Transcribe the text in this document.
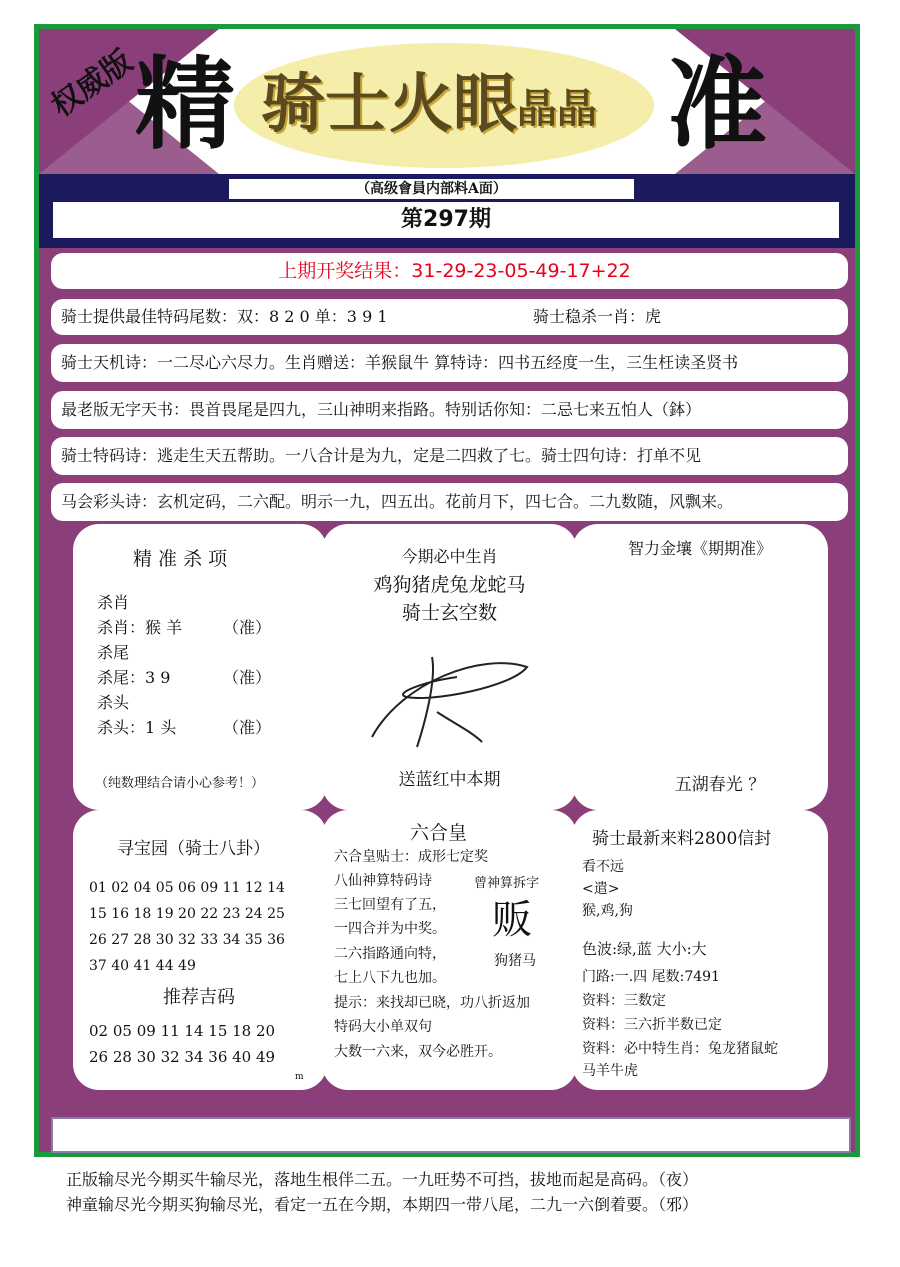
权威版
精 骑士火眼 晶晶 准
（高级會員内部料A面）
第297期
上期开奖结果：31-29-23-05-49-17+22
骑士提供最佳特码尾数：双：8 2 0 单：3 9 1	骑士稳杀一肖：虎
骑士天机诗：一二尽心六尽力。生肖赠送：羊猴鼠牛 算特诗：四书五经度一生，三生枉读圣贤书
最老版无字天书：畏首畏尾是四九，三山神明来指路。特别话你知：二忌七来五怕人（鉢）
骑士特码诗：逃走生天五帮助。一八合计是为九，定是二四救了七。骑士四句诗：打单不见
马会彩头诗：玄机定码，二六配。明示一九，四五出。花前月下，四七合。二九数随，风飘来。
精 准 杀 项
杀肖
杀肖：猴 羊	（准）
杀尾
杀尾：3 9	（准）
杀头
杀头：1 头	（准）
（纯数理结合请小心参考！）
今期必中生肖
鸡狗猪虎兔龙蛇马
骑士玄空数
送蓝红中本期
智力金壤《期期准》
五湖春光 ？
寻宝园（骑士八卦）
01 02 04 05 06 09 11 12 14
15 16 18 19 20 22 23 24 25
26 27 28 30 32 33 34 35 36
37 40 41 44 49
推荐吉码
02 05 09 11 14 15 18 20
26 28 30 32 34 36 40 49
m
六合皇
六合皇贴士：成形七定奖
八仙神算特码诗
三七回望有了五，
一四合并为中奖。
二六指路通向特，
七上八下九也加。
提示：来找却已晓，功八折返加
特码大小单双句
大数一六来，双今必胜开。
曾神算拆字
贩
狗猪马
骑士最新来料2800信封
看不远
<遣>
猴,鸡,狗
色波:绿,蓝 大小:大
门路:一.四 尾数:7491
资料：三数定
资料：三六折半数已定
资料：必中特生肖：兔龙猪鼠蛇
马羊牛虎
正版输尽光今期买牛输尽光，落地生根伴二五。一九旺势不可挡，拔地而起是高码。（夜）
神童输尽光今期买狗输尽光，看定一五在今期，本期四一带八尾，二九一六倒着要。（邪）
